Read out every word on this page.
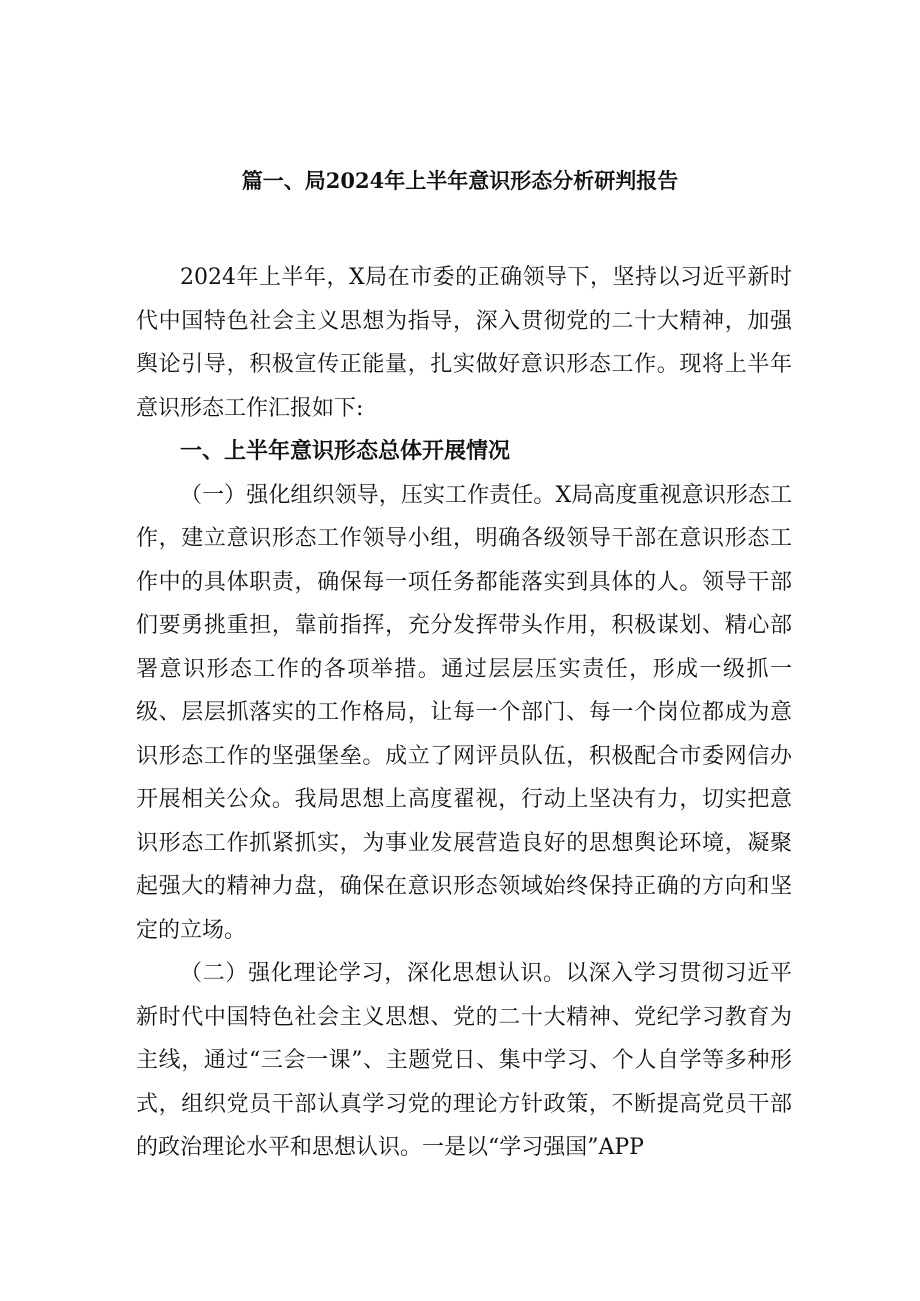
篇一、局2024年上半年意识形态分析研判报告

2024年上半年，X局在市委的正确领导下，坚持以习近平新时代中国特色社会主义思想为指导，深入贯彻党的二十大精神，加强舆论引导，积极宣传正能量，扎实做好意识形态工作。现将上半年意识形态工作汇报如下:

一、上半年意识形态总体开展情况

（一）强化组织领导，压实工作责任。X局高度重视意识形态工作，建立意识形态工作领导小组，明确各级领导干部在意识形态工作中的具体职责，确保每一项任务都能落实到具体的人。领导干部们要勇挑重担，靠前指挥，充分发挥带头作用，积极谋划、精心部署意识形态工作的各项举措。通过层层压实责任，形成一级抓一级、层层抓落实的工作格局，让每一个部门、每一个岗位都成为意识形态工作的坚强堡垒。成立了网评员队伍，积极配合市委网信办开展相关公众。我局思想上高度翟视，行动上坚决有力，切实把意识形态工作抓紧抓实，为事业发展营造良好的思想舆论环境，凝聚起强大的精神力盘，确保在意识形态领域始终保持正确的方向和坚定的立场。

（二）强化理论学习，深化思想认识。以深入学习贯彻习近平新时代中国特色社会主义思想、党的二十大精神、党纪学习教育为主线，通过“三会一课”、主题党日、集中学习、个人自学等多种形式，组织党员干部认真学习党的理论方针政策，不断提高党员干部的政治理论水平和思想认识。一是以“学习强国”APP
